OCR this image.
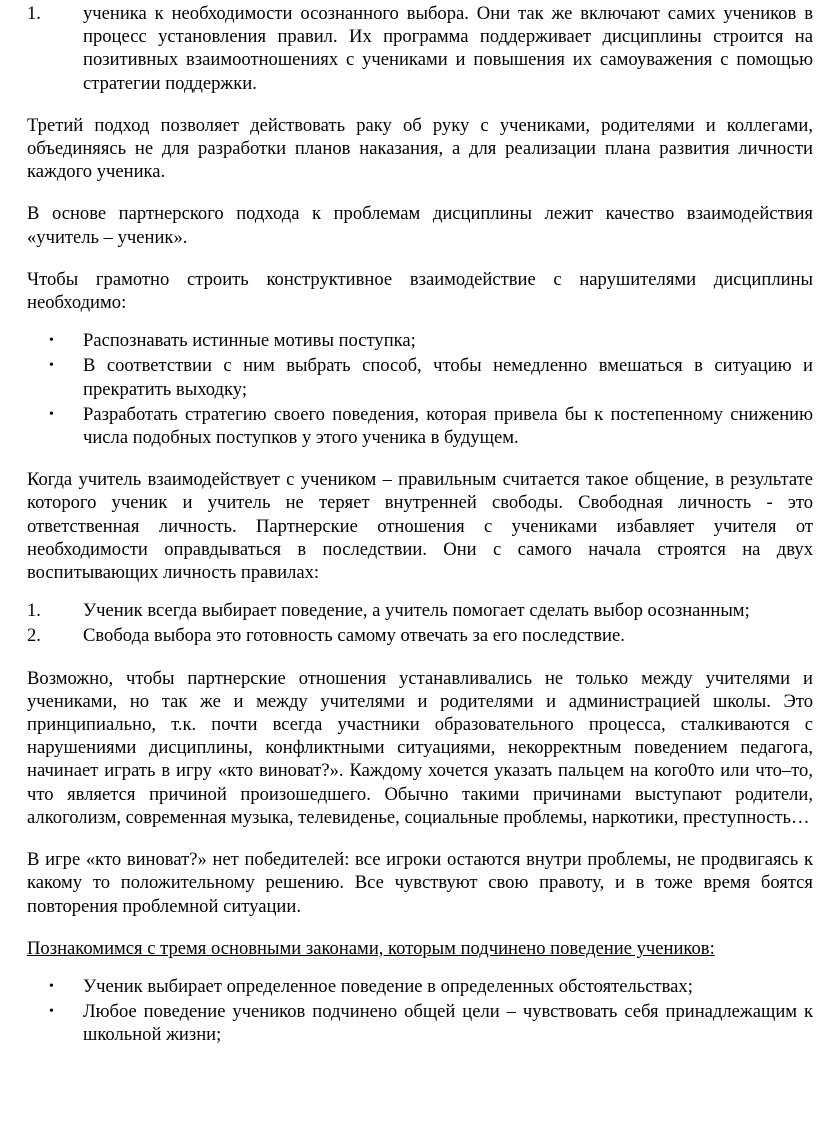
1.	ученика к необходимости осознанного выбора. Они так же включают самих учеников в процесс установления правил. Их программа поддерживает дисциплины строится на позитивных взаимоотношениях с учениками и повышения их самоуважения с помощью стратегии поддержки.

Третий подход позволяет действовать раку об руку с учениками, родителями и коллегами, объединяясь не для разработки планов наказания, а для реализации плана развития личности каждого ученика.

В основе партнерского подхода к проблемам дисциплины лежит качество взаимодействия «учитель – ученик».

Чтобы грамотно строить конструктивное взаимодействие с нарушителями дисциплины необходимо:

•	Распознавать истинные мотивы поступка;

•	В соответствии с ним выбрать способ, чтобы немедленно вмешаться в ситуацию и прекратить выходку;

•	Разработать стратегию своего поведения, которая привела бы к постепенному снижению числа подобных поступков у этого ученика в будущем.

Когда учитель взаимодействует с учеником – правильным считается такое общение, в результате которого ученик и учитель не теряет внутренней свободы. Свободная личность - это ответственная личность. Партнерские отношения с учениками избавляет учителя от необходимости оправдываться в последствии. Они с самого начала строятся на двух воспитывающих личность правилах:

1.	Ученик всегда выбирает поведение, а учитель помогает сделать выбор осознанным;

2.	Свобода выбора это готовность самому отвечать за его последствие.

Возможно, чтобы партнерские отношения устанавливались не только между учителями и учениками, но так же и между учителями и родителями и администрацией школы. Это принципиально, т.к. почти всегда участники образовательного процесса, сталкиваются с нарушениями дисциплины, конфликтными ситуациями, некорректным поведением педагога, начинает играть в игру «кто виноват?». Каждому хочется указать пальцем на кого0то или что–то, что является причиной произошедшего. Обычно такими причинами выступают родители, алкоголизм, современная музыка, телевиденье, социальные проблемы, наркотики, преступность…

В игре «кто виноват?» нет победителей: все игроки остаются внутри проблемы, не продвигаясь к какому то положительному решению. Все чувствуют свою правоту, и в тоже время боятся повторения проблемной ситуации.

Познакомимся с тремя основными законами, которым подчинено поведение учеников:

•	Ученик выбирает определенное поведение в определенных обстоятельствах;

•	Любое поведение учеников подчинено общей цели – чувствовать себя принадлежащим к школьной жизни;
